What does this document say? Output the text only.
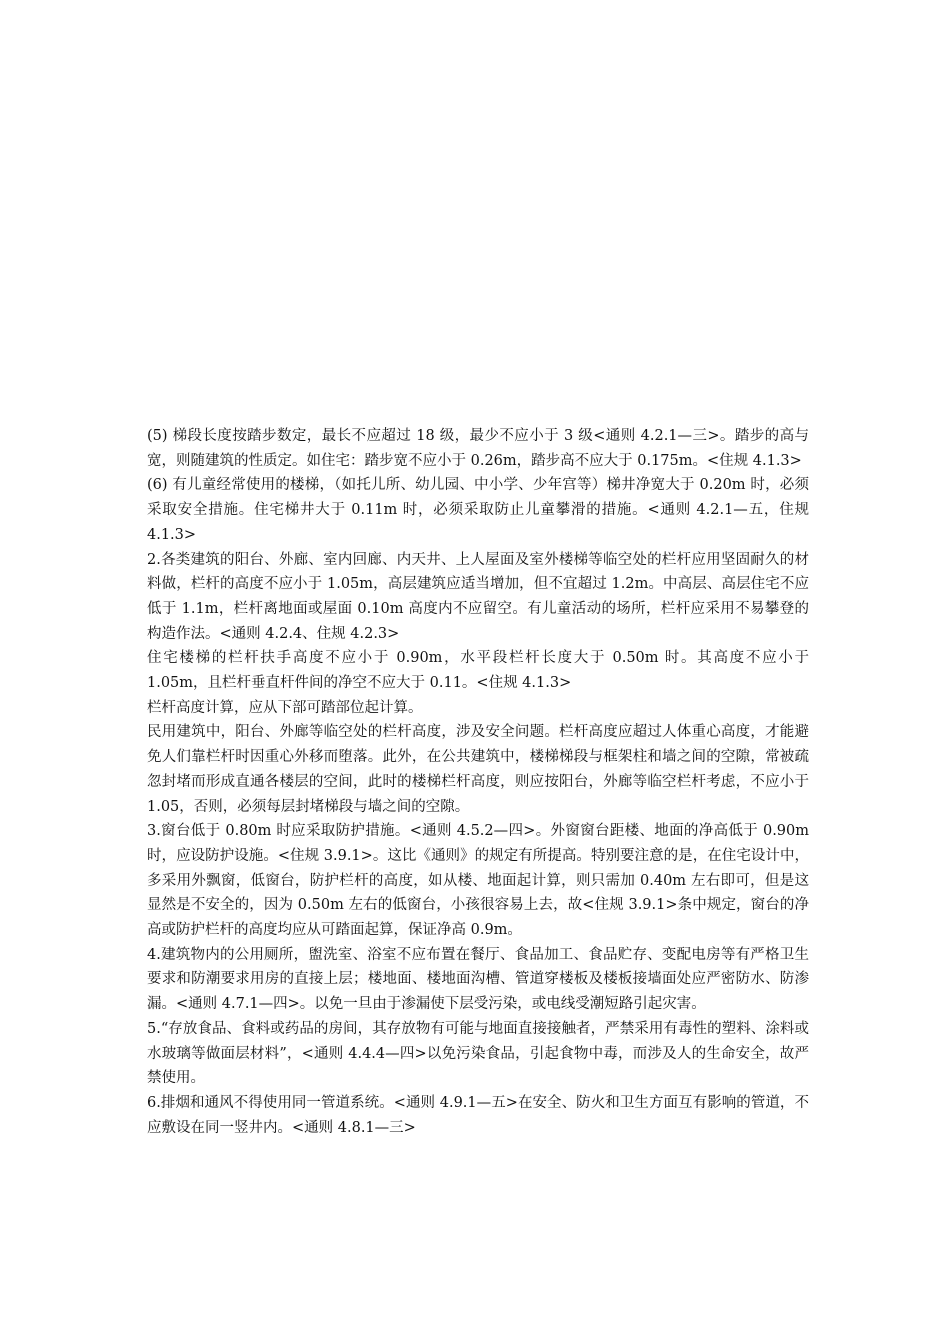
(5) 梯段长度按踏步数定，最长不应超过 18 级，最少不应小于 3 级<通则 4.2.1—三>。踏步的高与宽，则随建筑的性质定。如住宅：踏步宽不应小于 0.26m，踏步高不应大于 0.175m。<住规 4.1.3>

(6) 有儿童经常使用的楼梯，（如托儿所、幼儿园、中小学、少年宫等）梯井净宽大于 0.20m 时，必须采取安全措施。住宅梯井大于 0.11m 时，必须采取防止儿童攀滑的措施。<通则 4.2.1—五，住规 4.1.3>

2.各类建筑的阳台、外廊、室内回廊、内天井、上人屋面及室外楼梯等临空处的栏杆应用坚固耐久的材料做，栏杆的高度不应小于 1.05m，高层建筑应适当增加，但不宜超过 1.2m。中高层、高层住宅不应低于 1.1m，栏杆离地面或屋面 0.10m 高度内不应留空。有儿童活动的场所，栏杆应采用不易攀登的构造作法。<通则 4.2.4、住规 4.2.3>

住宅楼梯的栏杆扶手高度不应小于 0.90m，水平段栏杆长度大于 0.50m 时。其高度不应小于 1.05m，且栏杆垂直杆件间的净空不应大于 0.11。<住规 4.1.3>

栏杆高度计算，应从下部可踏部位起计算。

民用建筑中，阳台、外廊等临空处的栏杆高度，涉及安全问题。栏杆高度应超过人体重心高度，才能避免人们靠栏杆时因重心外移而堕落。此外，在公共建筑中，楼梯梯段与框架柱和墙之间的空隙，常被疏忽封堵而形成直通各楼层的空间，此时的楼梯栏杆高度，则应按阳台，外廊等临空栏杆考虑，不应小于 1.05，否则，必须每层封堵梯段与墙之间的空隙。

3.窗台低于 0.80m 时应采取防护措施。<通则 4.5.2—四>。外窗窗台距楼、地面的净高低于 0.90m 时，应设防护设施。<住规 3.9.1>。这比《通则》的规定有所提高。特别要注意的是，在住宅设计中，多采用外飘窗，低窗台，防护栏杆的高度，如从楼、地面起计算，则只需加 0.40m 左右即可，但是这显然是不安全的，因为 0.50m 左右的低窗台，小孩很容易上去，故<住规 3.9.1>条中规定，窗台的净高或防护栏杆的高度均应从可踏面起算，保证净高 0.9m。

4.建筑物内的公用厕所，盥洗室、浴室不应布置在餐厅、食品加工、食品贮存、变配电房等有严格卫生要求和防潮要求用房的直接上层；楼地面、楼地面沟槽、管道穿楼板及楼板接墙面处应严密防水、防渗漏。<通则 4.7.1—四>。以免一旦由于渗漏使下层受污染，或电线受潮短路引起灾害。

5.“存放食品、食料或药品的房间，其存放物有可能与地面直接接触者，严禁采用有毒性的塑料、涂料或水玻璃等做面层材料”，<通则 4.4.4—四>以免污染食品，引起食物中毒，而涉及人的生命安全，故严禁使用。

6.排烟和通风不得使用同一管道系统。<通则 4.9.1—五>在安全、防火和卫生方面互有影响的管道，不应敷设在同一竖井内。<通则 4.8.1—三>
